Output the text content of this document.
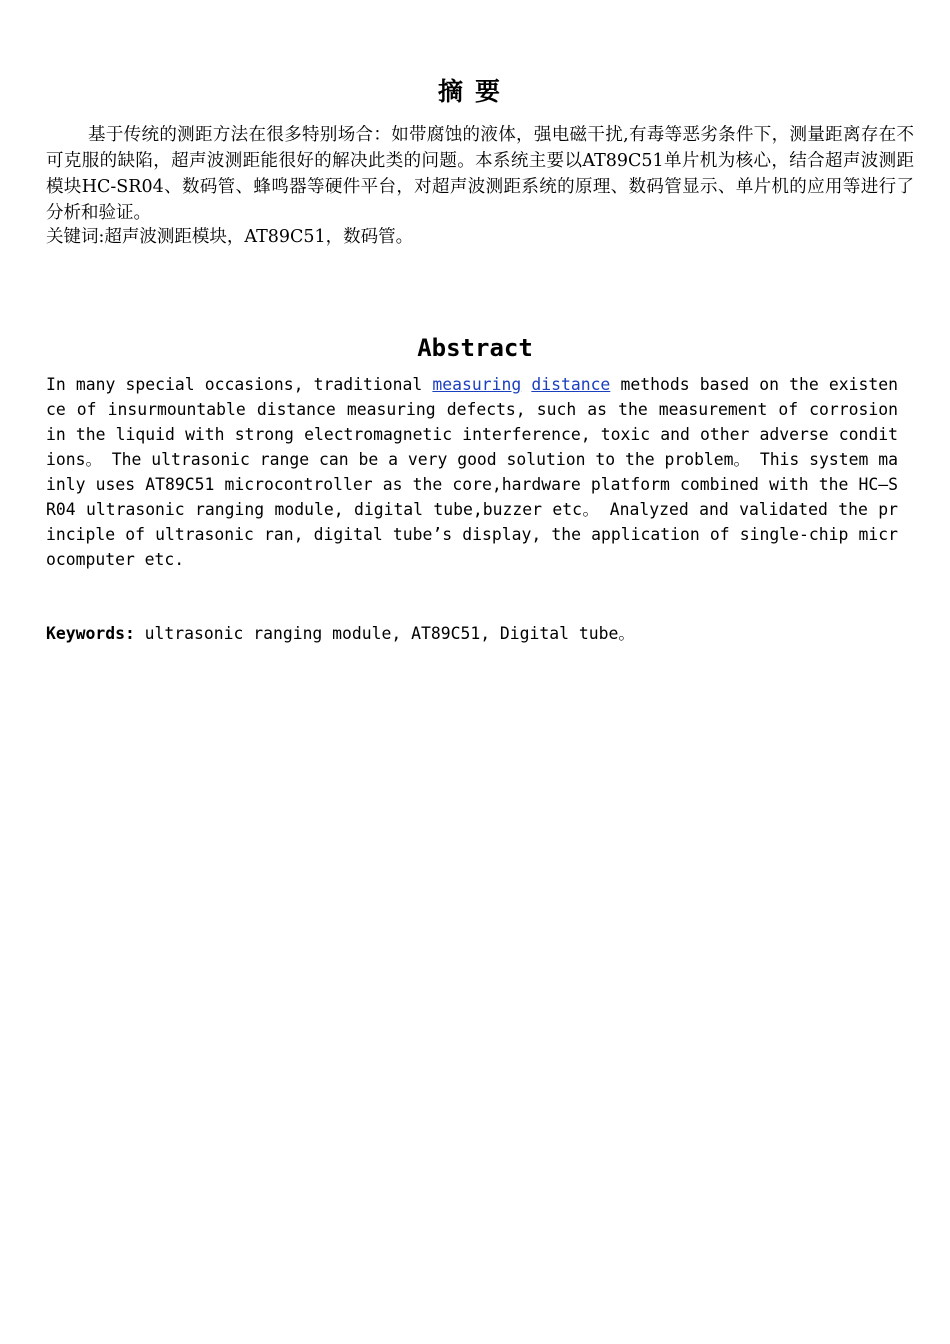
摘要

基于传统的测距方法在很多特别场合：如带腐蚀的液体，强电磁干扰,有毒等恶劣条件下，测量距离存在不可克服的缺陷，超声波测距能很好的解决此类的问题。本系统主要以AT89C51单片机为核心，结合超声波测距模块HC-SR04、数码管、蜂鸣器等硬件平台，对超声波测距系统的原理、数码管显示、单片机的应用等进行了分析和验证。

关键词:超声波测距模块，AT89C51，数码管。

Abstract

In many special occasions, traditional measuring distance methods based on the existence of insurmountable distance measuring defects, such as the measurement of corrosion in the liquid with strong electromagnetic interference, toxic and other adverse conditions。 The ultrasonic range can be a very good solution to the problem。 This system mainly uses AT89C51 microcontroller as the core,hardware platform combined with the HC—SR04 ultrasonic ranging module, digital tube,buzzer etc。 Analyzed and validated the principle of ultrasonic ran, digital tube’s display, the application of single-chip microcomputer etc.

Keywords: ultrasonic ranging module, AT89C51, Digital tube。
